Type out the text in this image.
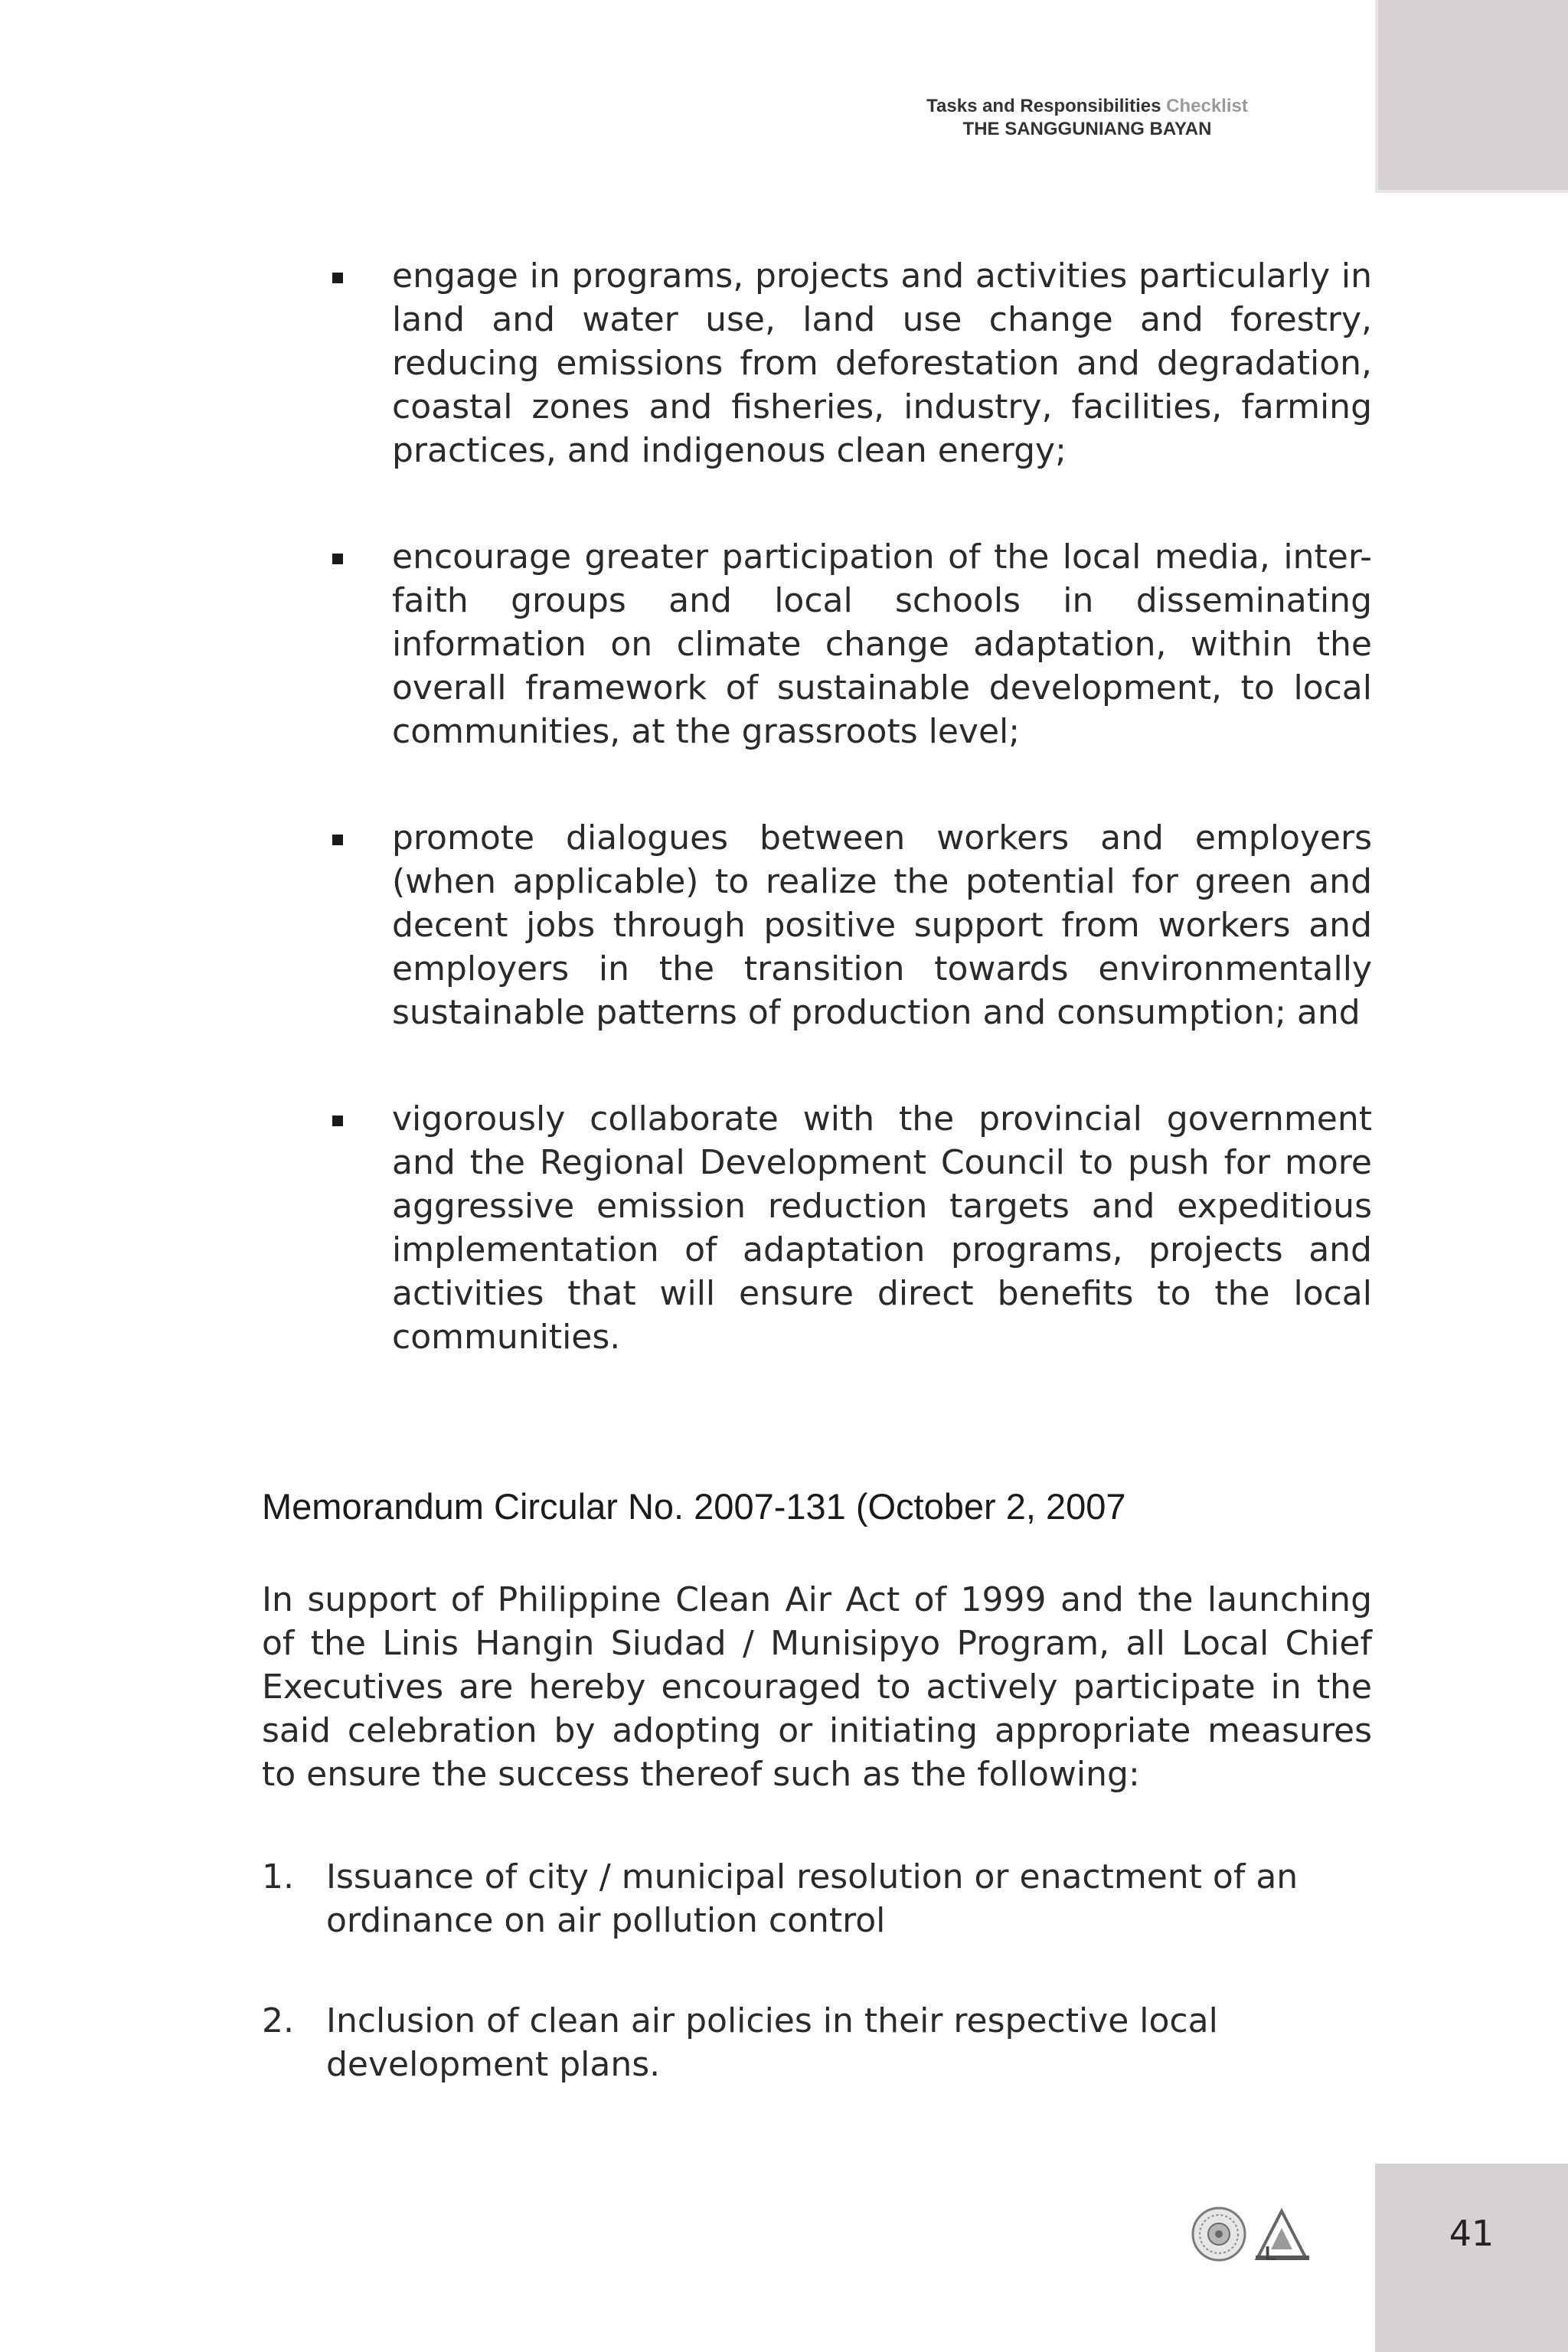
Tasks and Responsibilities Checklist
THE SANGGUNIANG BAYAN
engage in programs, projects and activities particularly in land and water use, land use change and forestry, reducing emissions from deforestation and degradation, coastal zones and fisheries, industry, facilities, farming practices, and indigenous clean energy;
encourage greater participation of the local media, inter-faith groups and local schools in disseminating information on climate change adaptation, within the overall framework of sustainable development, to local communities, at the grassroots level;
promote dialogues between workers and employers (when applicable) to realize the potential for green and decent jobs through positive support from workers and employers in the transition towards environmentally sustainable patterns of production and consumption; and
vigorously collaborate with the provincial government and the Regional Development Council to push for more aggressive emission reduction targets and expeditious implementation of adaptation programs, projects and activities that will ensure direct benefits to the local communities.
Memorandum Circular No. 2007-131 (October 2, 2007

In support of Philippine Clean Air Act of 1999 and the launching of the Linis Hangin Siudad / Munisipyo Program, all Local Chief Executives are hereby encouraged to actively participate in the said celebration by adopting or initiating appropriate measures to ensure the success thereof such as the following:

1. Issuance of city / municipal resolution or enactment of an ordinance on air pollution control
2. Inclusion of clean air policies in their respective local development plans.
L	41
